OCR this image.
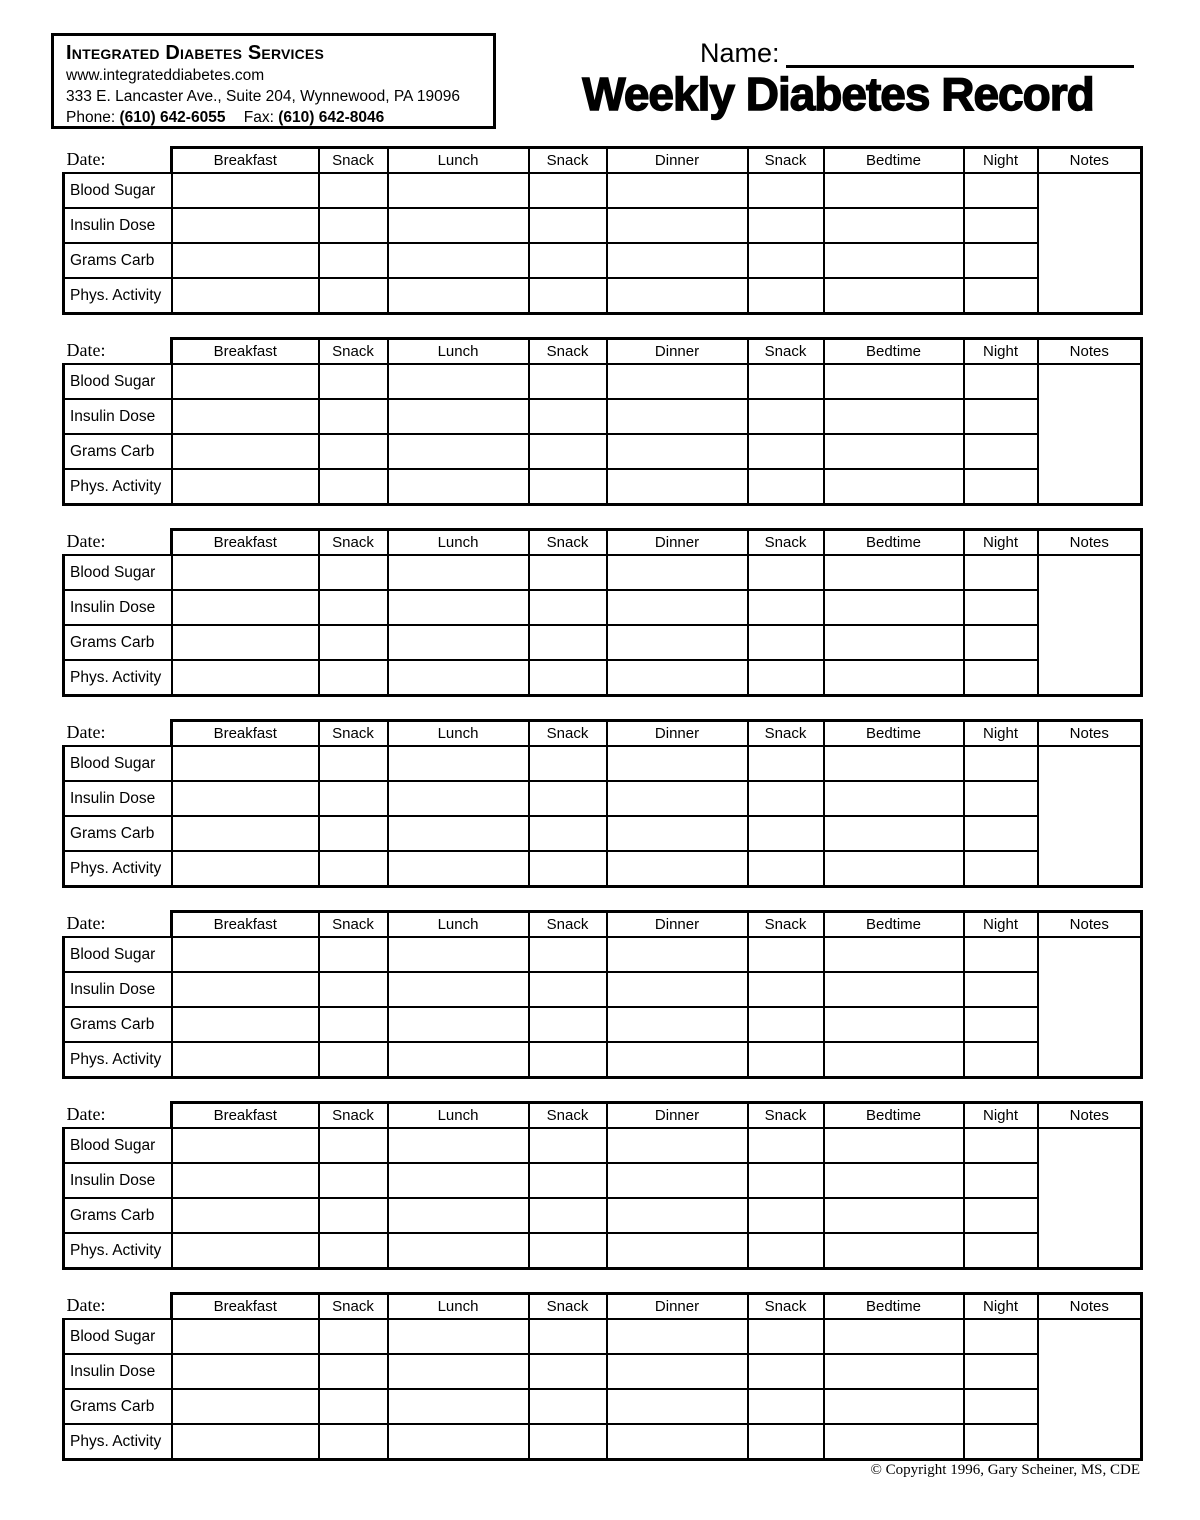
Integrated Diabetes Services
www.integrateddiabetes.com
333 E. Lancaster Ave., Suite 204, Wynnewood, PA 19096
Phone: (610) 642-6055 Fax: (610) 642-8046
Name:
Weekly Diabetes Record
Date:	Breakfast	Snack	Lunch	Snack	Dinner	Snack	Bedtime	Night	Notes
Blood Sugar									
Insulin Dose									
Grams Carb									
Phys. Activity									
Date:	Breakfast	Snack	Lunch	Snack	Dinner	Snack	Bedtime	Night	Notes
Blood Sugar									
Insulin Dose									
Grams Carb									
Phys. Activity									
Date:	Breakfast	Snack	Lunch	Snack	Dinner	Snack	Bedtime	Night	Notes
Blood Sugar									
Insulin Dose									
Grams Carb									
Phys. Activity									
Date:	Breakfast	Snack	Lunch	Snack	Dinner	Snack	Bedtime	Night	Notes
Blood Sugar									
Insulin Dose									
Grams Carb									
Phys. Activity									
Date:	Breakfast	Snack	Lunch	Snack	Dinner	Snack	Bedtime	Night	Notes
Blood Sugar									
Insulin Dose									
Grams Carb									
Phys. Activity									
Date:	Breakfast	Snack	Lunch	Snack	Dinner	Snack	Bedtime	Night	Notes
Blood Sugar									
Insulin Dose									
Grams Carb									
Phys. Activity									
Date:	Breakfast	Snack	Lunch	Snack	Dinner	Snack	Bedtime	Night	Notes
Blood Sugar									
Insulin Dose									
Grams Carb									
Phys. Activity									
© Copyright 1996, Gary Scheiner, MS, CDE
